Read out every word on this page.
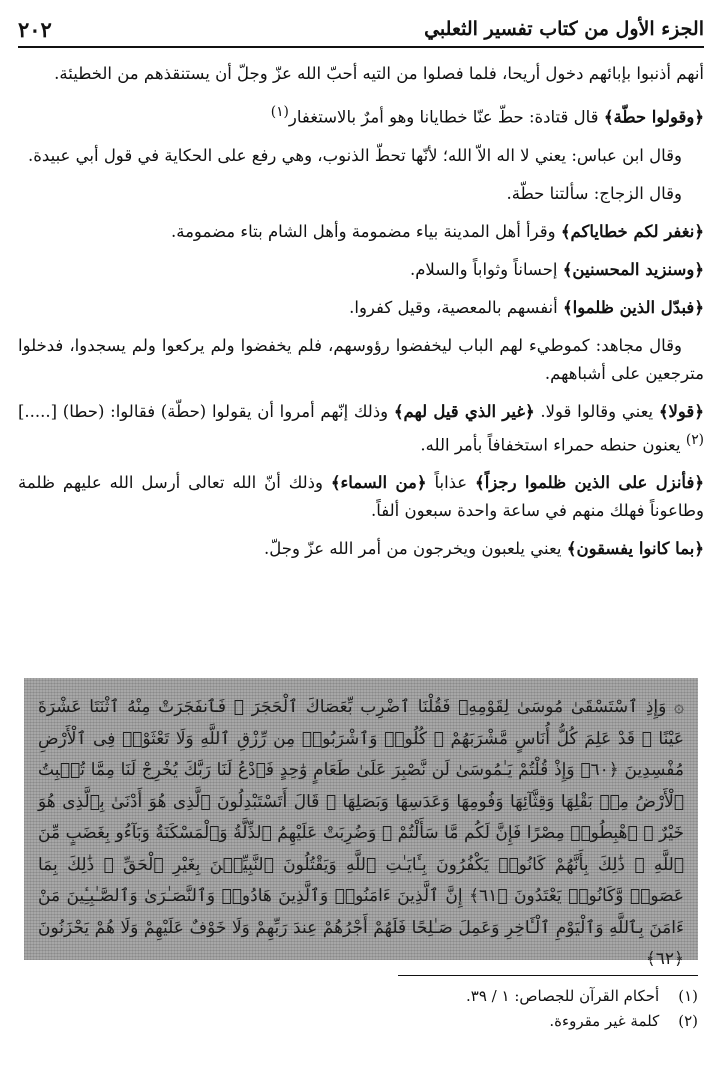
الجزء الأول من كتاب تفسير الثعلبي
٢٠٢

أنهم أذنبوا بإبائهم دخول أريحا، فلما فصلوا من التيه أحبّ الله عزّ وجلّ أن يستنقذهم من الخطيئة.

﴿وقولوا حطّة﴾ قال قتادة: حطّ عنّا خطايانا وهو أمرٌ بالاستغفار$^{(١)}$

وقال ابن عباس: يعني لا اله الاّ الله؛ لأنّها تحطّ الذنوب، وهي رفع على الحكاية في قول أبي عبيدة.

وقال الزجاج: سألتنا حطّة.

﴿نغفر لكم خطاياكم﴾ وقرأ أهل المدينة بياء مضمومة وأهل الشام بتاء مضمومة.

﴿وسنزيد المحسنين﴾ إحساناً وثواباً والسلام.

﴿فبدّل الذين ظلموا﴾ أنفسهم بالمعصية، وقيل كفروا.

وقال مجاهد: كموطيء لهم الباب ليخفضوا رؤوسهم، فلم يخفضوا ولم يركعوا ولم يسجدوا، فدخلوا مترجعين على أشباههم.

﴿قولا﴾ يعني وقالوا قولا. ﴿غير الذي قيل لهم﴾ وذلك إنّهم أمروا أن يقولوا (حطّة) فقالوا: (حطا) [.....]$^{(٢)}$ يعنون حنطه حمراء استخفافاً بأمر الله.

﴿فأنزل على الذين ظلموا رجزاً﴾ عذاباً ﴿من السماء﴾ وذلك أنّ الله تعالى أرسل الله عليهم ظلمة وطاعوناً فهلك منهم في ساعة واحدة سبعون ألفاً.

﴿بما كانوا يفسقون﴾ يعني يلعبون ويخرجون من أمر الله عزّ وجلّ.

۞ وَإِذِ ٱسْتَسْقَىٰ مُوسَىٰ لِقَوْمِهِۦ فَقُلْنَا ٱضْرِب بِّعَصَاكَ ٱلْحَجَرَ ۖ فَٱنفَجَرَتْ مِنْهُ ٱثْنَتَا عَشْرَةَ عَيْنًا ۖ قَدْ عَلِمَ كُلُّ أُنَاسٍ مَّشْرَبَهُمْ ۖ كُلُوا۟ وَٱشْرَبُوا۟ مِن رِّزْقِ ٱللَّهِ وَلَا تَعْثَوْا۟ فِى ٱلْأَرْضِ مُفْسِدِينَ ﴿٦٠﴾ وَإِذْ قُلْتُمْ يَـٰمُوسَىٰ لَن نَّصْبِرَ عَلَىٰ طَعَامٍ وَٰحِدٍ فَٱدْعُ لَنَا رَبَّكَ يُخْرِجْ لَنَا مِمَّا تُنۢبِتُ ٱلْأَرْضُ مِنۢ بَقْلِهَا وَقِثَّآئِهَا وَفُومِهَا وَعَدَسِهَا وَبَصَلِهَا ۖ قَالَ أَتَسْتَبْدِلُونَ ٱلَّذِى هُوَ أَدْنَىٰ بِٱلَّذِى هُوَ خَيْرٌ ۚ ٱهْبِطُوا۟ مِصْرًا فَإِنَّ لَكُم مَّا سَأَلْتُمْ ۗ وَضُرِبَتْ عَلَيْهِمُ ٱلذِّلَّةُ وَٱلْمَسْكَنَةُ وَبَآءُو بِغَضَبٍ مِّنَ ٱللَّهِ ۗ ذَٰلِكَ بِأَنَّهُمْ كَانُوا۟ يَكْفُرُونَ بِـَٔايَـٰتِ ٱللَّهِ وَيَقْتُلُونَ ٱلنَّبِيِّـۧنَ بِغَيْرِ ٱلْحَقِّ ۗ ذَٰلِكَ بِمَا عَصَوا۟ وَّكَانُوا۟ يَعْتَدُونَ ﴿٦١﴾ إِنَّ ٱلَّذِينَ ءَامَنُوا۟ وَٱلَّذِينَ هَادُوا۟ وَٱلنَّصَـٰرَىٰ وَٱلصَّـٰبِـِٔينَ مَنْ ءَامَنَ بِٱللَّهِ وَٱلْيَوْمِ ٱلْـَٔاخِرِ وَعَمِلَ صَـٰلِحًا فَلَهُمْ أَجْرُهُمْ عِندَ رَبِّهِمْ وَلَا خَوْفٌ عَلَيْهِمْ وَلَا هُمْ يَحْزَنُونَ ﴿٦٢﴾

(١) أحكام القرآن للجصاص: ١ / ٣٩.
(٢) كلمة غير مقروءة.
